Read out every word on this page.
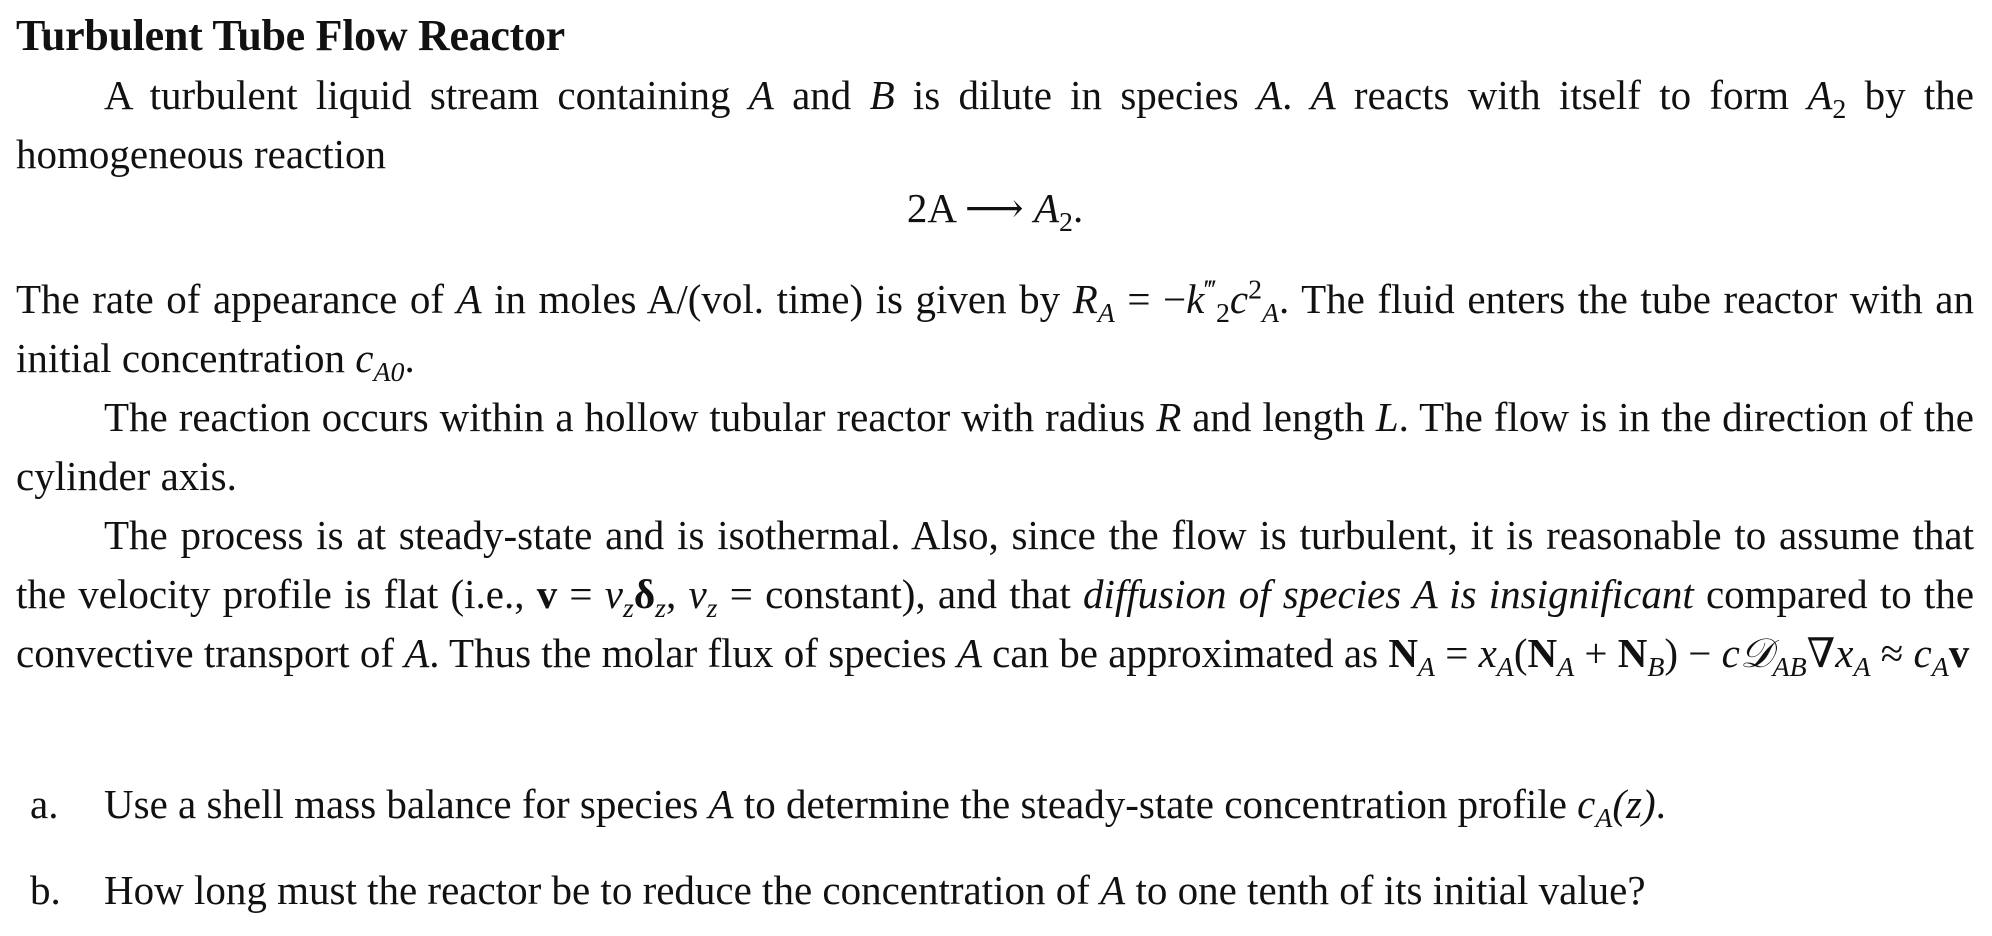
Turbulent Tube Flow Reactor
A turbulent liquid stream containing A and B is dilute in species A. A reacts with itself to form $A_2$ by the homogeneous reaction
2A ⟶ $A_2$.
The rate of appearance of A in moles A/(vol. time) is given by $R_A = -k^‴_2c^2_A$. The fluid enters the tube reactor with an initial concentration $c_{A0}$.
The reaction occurs within a hollow tubular reactor with radius R and length L. The flow is in the direction of the cylinder axis.
The process is at steady-state and is isothermal. Also, since the flow is turbulent, it is reasonable to assume that the velocity profile is flat (i.e., $v = v_z\delta_z$, $v_z$ = constant), and that diffusion of species A is insignificant compared to the convective transport of A. Thus the molar flux of species A can be approximated as $N_A = x_A(N_A + N_B)$ − $c𝒟_{AB}\nabla x_A \approx c_Av$
a. Use a shell mass balance for species A to determine the steady-state concentration profile $c_A(z)$.
b. How long must the reactor be to reduce the concentration of A to one tenth of its initial value?
